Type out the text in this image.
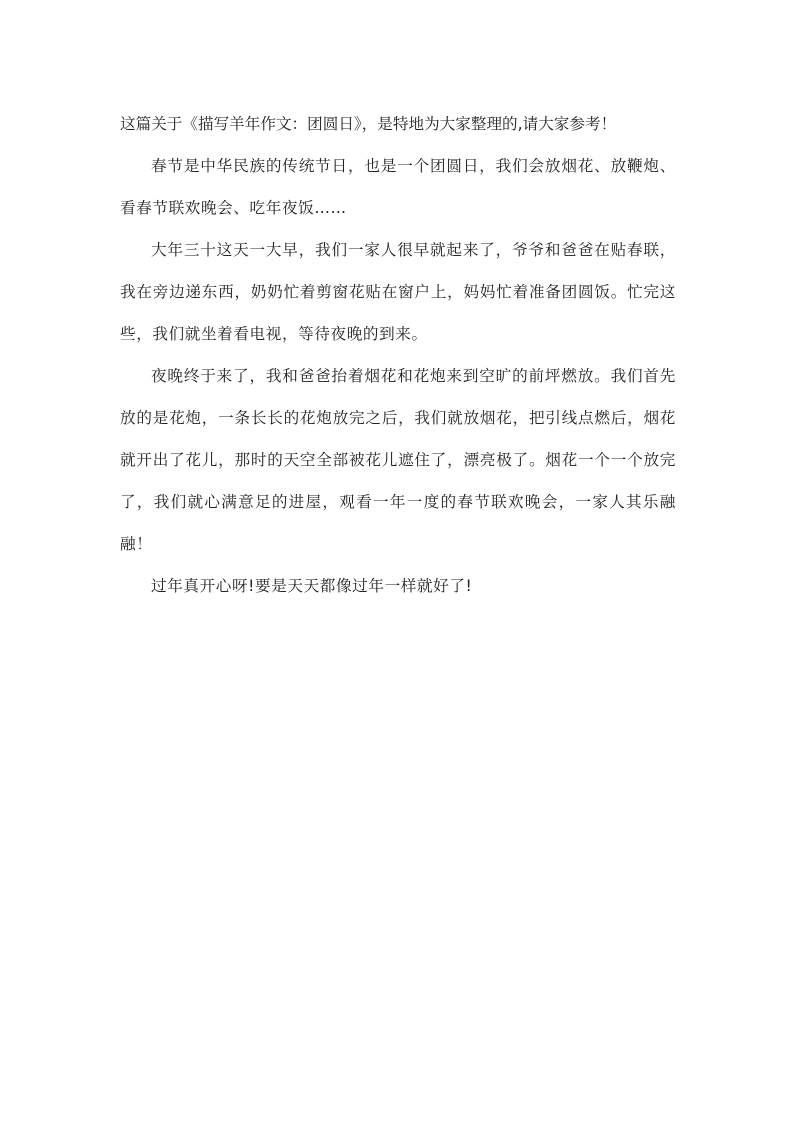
这篇关于《描写羊年作文：团圆日》，是特地为大家整理的,请大家参考！

春节是中华民族的传统节日，也是一个团圆日，我们会放烟花、放鞭炮、看春节联欢晚会、吃年夜饭……

大年三十这天一大早，我们一家人很早就起来了，爷爷和爸爸在贴春联，我在旁边递东西，奶奶忙着剪窗花贴在窗户上，妈妈忙着准备团圆饭。忙完这些，我们就坐着看电视，等待夜晚的到来。

夜晚终于来了，我和爸爸抬着烟花和花炮来到空旷的前坪燃放。我们首先放的是花炮，一条长长的花炮放完之后，我们就放烟花，把引线点燃后，烟花就开出了花儿，那时的天空全部被花儿遮住了，漂亮极了。烟花一个一个放完了，我们就心满意足的进屋，观看一年一度的春节联欢晚会，一家人其乐融融！

过年真开心呀!要是天天都像过年一样就好了!
